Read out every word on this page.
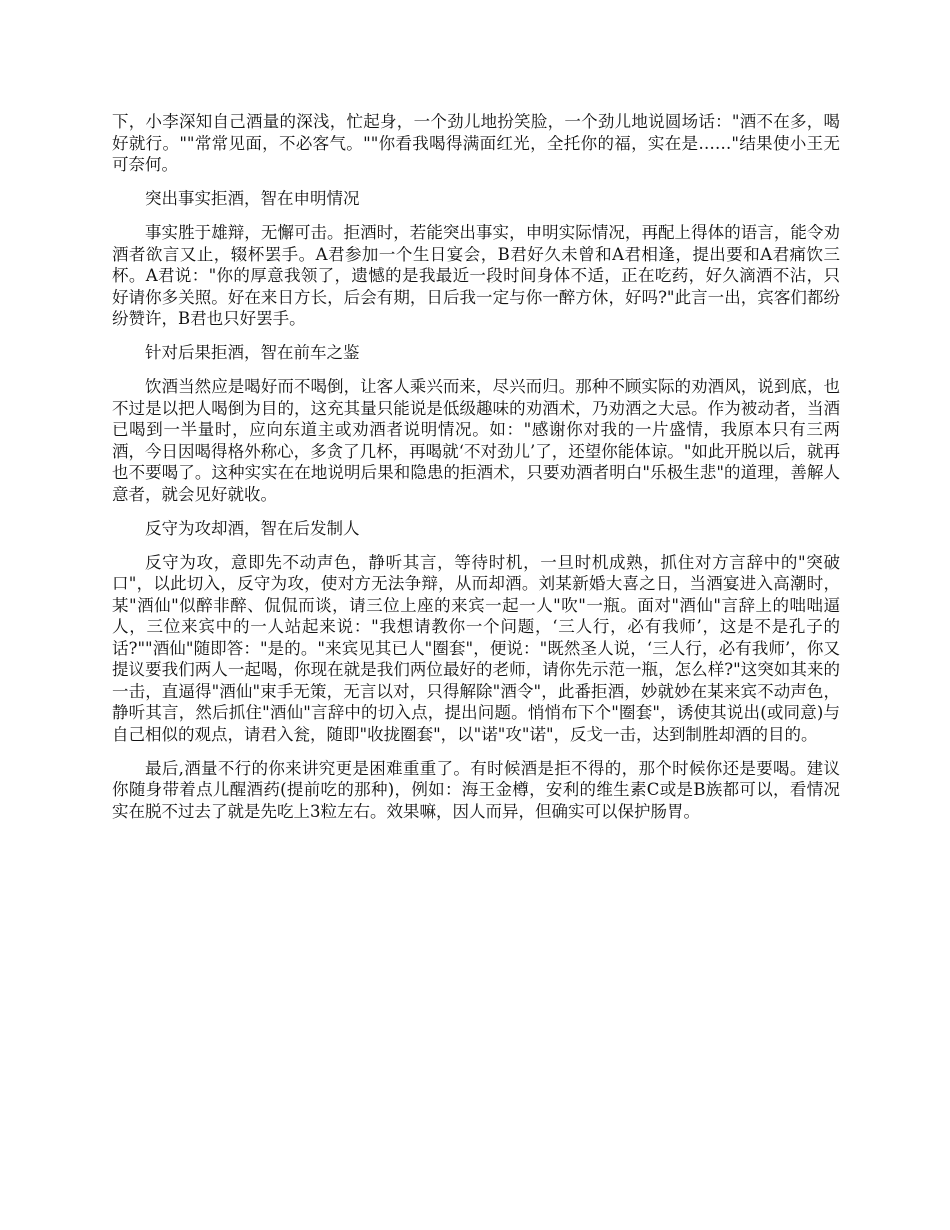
下，小李深知自己酒量的深浅，忙起身，一个劲儿地扮笑脸，一个劲儿地说圆场话："酒不在多，喝好就行。""常常见面，不必客气。""你看我喝得满面红光，全托你的福，实在是……"结果使小王无可奈何。

突出事实拒酒，智在申明情况

事实胜于雄辩，无懈可击。拒酒时，若能突出事实，申明实际情况，再配上得体的语言，能令劝酒者欲言又止，辍杯罢手。A君参加一个生日宴会，B君好久未曾和A君相逢，提出要和A君痛饮三杯。A君说："你的厚意我领了，遗憾的是我最近一段时间身体不适，正在吃药，好久滴酒不沾，只好请你多关照。好在来日方长，后会有期，日后我一定与你一醉方休，好吗?"此言一出，宾客们都纷纷赞许，B君也只好罢手。

针对后果拒酒，智在前车之鉴

饮酒当然应是喝好而不喝倒，让客人乘兴而来，尽兴而归。那种不顾实际的劝酒风，说到底，也不过是以把人喝倒为目的，这充其量只能说是低级趣味的劝酒术，乃劝酒之大忌。作为被动者，当酒已喝到一半量时，应向东道主或劝酒者说明情况。如："感谢你对我的一片盛情，我原本只有三两酒，今日因喝得格外称心，多贪了几杯，再喝就‘不对劲儿’了，还望你能体谅。"如此开脱以后，就再也不要喝了。这种实实在在地说明后果和隐患的拒酒术，只要劝酒者明白"乐极生悲"的道理，善解人意者，就会见好就收。

反守为攻却酒，智在后发制人

反守为攻，意即先不动声色，静听其言，等待时机，一旦时机成熟，抓住对方言辞中的"突破口"，以此切入，反守为攻，使对方无法争辩，从而却酒。刘某新婚大喜之日，当酒宴进入高潮时，某"酒仙"似醉非醉、侃侃而谈，请三位上座的来宾一起一人"吹"一瓶。面对"酒仙"言辞上的咄咄逼人，三位来宾中的一人站起来说："我想请教你一个问题，‘三人行，必有我师’，这是不是孔子的话?""酒仙"随即答："是的。"来宾见其已人"圈套"，便说："既然圣人说，‘三人行，必有我师’，你又提议要我们两人一起喝，你现在就是我们两位最好的老师，请你先示范一瓶，怎么样?"这突如其来的一击，直逼得"酒仙"束手无策，无言以对，只得解除"酒令"，此番拒酒，妙就妙在某来宾不动声色，静听其言，然后抓住"酒仙"言辞中的切入点，提出问题。悄悄布下个"圈套"，诱使其说出(或同意)与自己相似的观点，请君入瓮，随即"收拢圈套"，以"诺"攻"诺"，反戈一击，达到制胜却酒的目的。

最后,酒量不行的你来讲究更是困难重重了。有时候酒是拒不得的，那个时候你还是要喝。建议你随身带着点儿醒酒药(提前吃的那种)，例如：海王金樽，安利的维生素C或是B族都可以，看情况实在脱不过去了就是先吃上3粒左右。效果嘛，因人而异，但确实可以保护肠胃。
